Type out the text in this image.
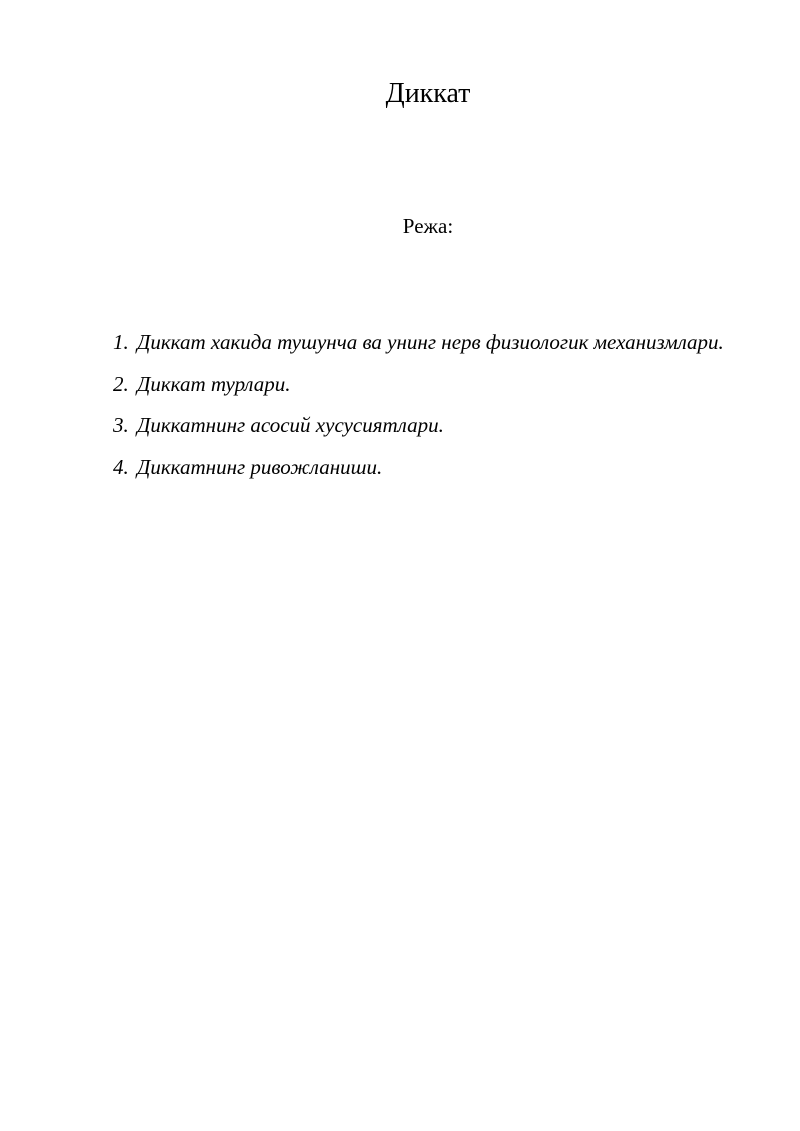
Диккат
Режа:
1. Диккат хакида тушунча ва унинг нерв физиологик механизмлари.
2. Диккат турлари.
3. Диккатнинг асосий хусусиятлари.
4. Диккатнинг ривожланиши.
